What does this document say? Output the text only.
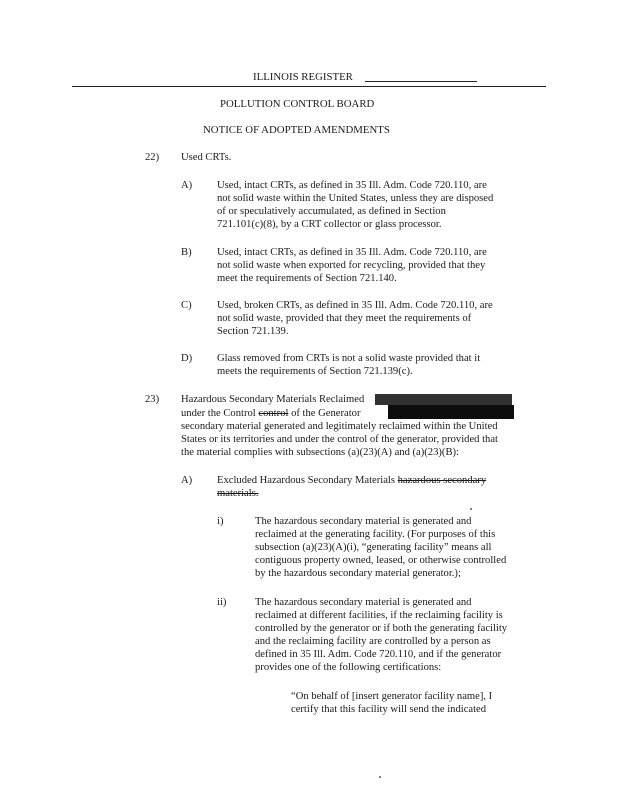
ILLINOIS REGISTER
POLLUTION CONTROL BOARD
NOTICE OF ADOPTED AMENDMENTS
22) Used CRTs.
A) Used, intact CRTs, as defined in 35 Ill. Adm. Code 720.110, are
not solid waste within the United States, unless they are disposed
of or speculatively accumulated, as defined in Section
721.101(c)(8), by a CRT collector or glass processor.
B) Used, intact CRTs, as defined in 35 Ill. Adm. Code 720.110, are
not solid waste when exported for recycling, provided that they
meet the requirements of Section 721.140.
C) Used, broken CRTs, as defined in 35 Ill. Adm. Code 720.110, are
not solid waste, provided that they meet the requirements of
Section 721.139.
D) Glass removed from CRTs is not a solid waste provided that it
meets the requirements of Section 721.139(c).
23) Hazardous Secondary Materials Reclaimed
under the Control control of the Generator
secondary material generated and legitimately reclaimed within the United
States or its territories and under the control of the generator, provided that
the material complies with subsections (a)(23)(A) and (a)(23)(B):
A) Excluded Hazardous Secondary Materials hazardous secondary
materials.
i)	The hazardous secondary material is generated and
reclaimed at the generating facility. (For purposes of this
subsection (a)(23)(A)(i), “generating facility” means all
contiguous property owned, leased, or otherwise controlled
by the hazardous secondary material generator.);
ii)	The hazardous secondary material is generated and
reclaimed at different facilities, if the reclaiming facility is
controlled by the generator or if both the generating facility
and the reclaiming facility are controlled by a person as
defined in 35 Ill. Adm. Code 720.110, and if the generator
provides one of the following certifications:
“On behalf of [insert generator facility name], I
certify that this facility will send the indicated
